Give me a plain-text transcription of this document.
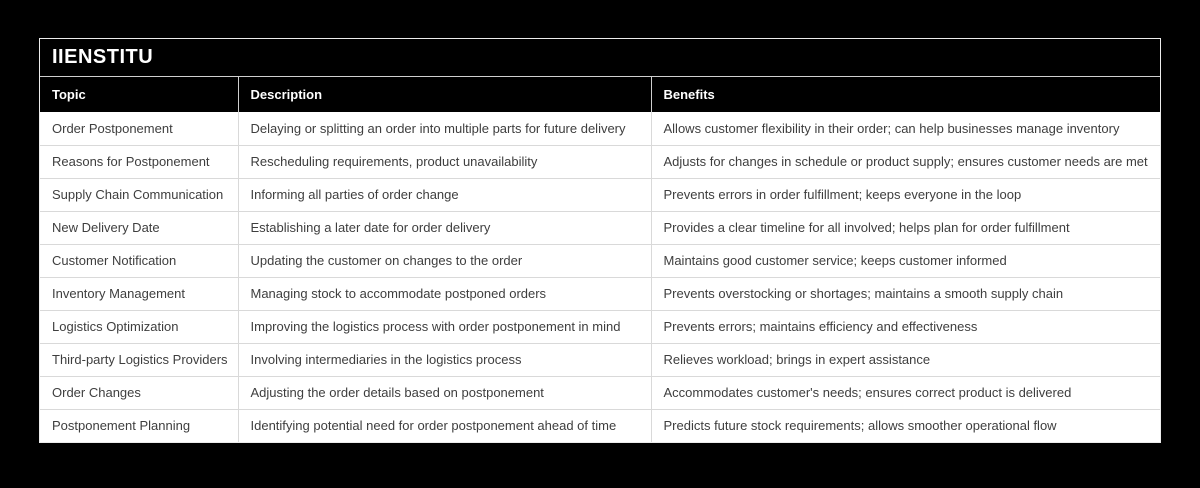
IIENSTITU
Topic	Description	Benefits
Order Postponement	Delaying or splitting an order into multiple parts for future delivery	Allows customer flexibility in their order; can help businesses manage inventory
Reasons for Postponement	Rescheduling requirements, product unavailability	Adjusts for changes in schedule or product supply; ensures customer needs are met
Supply Chain Communication	Informing all parties of order change	Prevents errors in order fulfillment; keeps everyone in the loop
New Delivery Date	Establishing a later date for order delivery	Provides a clear timeline for all involved; helps plan for order fulfillment
Customer Notification	Updating the customer on changes to the order	Maintains good customer service; keeps customer informed
Inventory Management	Managing stock to accommodate postponed orders	Prevents overstocking or shortages; maintains a smooth supply chain
Logistics Optimization	Improving the logistics process with order postponement in mind	Prevents errors; maintains efficiency and effectiveness
Third-party Logistics Providers	Involving intermediaries in the logistics process	Relieves workload; brings in expert assistance
Order Changes	Adjusting the order details based on postponement	Accommodates customer's needs; ensures correct product is delivered
Postponement Planning	Identifying potential need for order postponement ahead of time	Predicts future stock requirements; allows smoother operational flow
